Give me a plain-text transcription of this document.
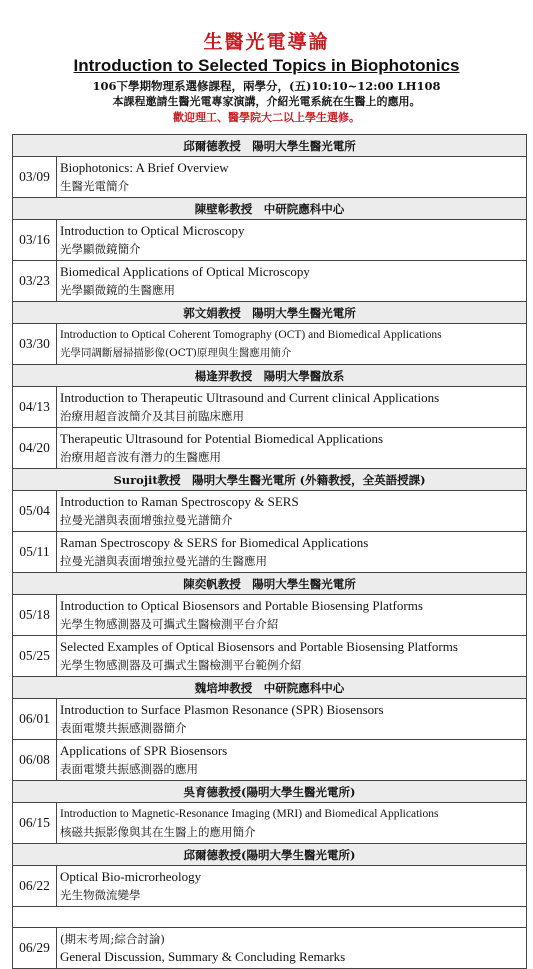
生醫光電導論
Introduction to Selected Topics in Biophotonics
106下學期物理系選修課程，兩學分，(五)10:10~12:00 LH108
本課程邀請生醫光電專家演講，介紹光電系統在生醫上的應用。
歡迎理工、醫學院大二以上學生選修。
邱爾德教授　陽明大學生醫光電所	
03/09	Biophotonics: A Brief Overview
生醫光電簡介

陳壁彰教授　中研院應科中心	
03/16	Introduction to Optical Microscopy
光學顯微鏡簡介

03/23	Biomedical Applications of Optical Microscopy
光學顯微鏡的生醫應用

郭文娟教授　陽明大學生醫光電所	
03/30	Introduction to Optical Coherent Tomography (OCT) and Biomedical Applications
光學同調斷層掃描影像(OCT)原理與生醫應用簡介

楊逢羿教授　陽明大學醫放系	
04/13	Introduction to Therapeutic Ultrasound and Current clinical Applications
治療用超音波簡介及其目前臨床應用

04/20	Therapeutic Ultrasound for Potential Biomedical Applications
治療用超音波有潛力的生醫應用

Surojit教授　陽明大學生醫光電所 (外籍教授，全英語授課)	
05/04	Introduction to Raman Spectroscopy & SERS
拉曼光譜與表面增強拉曼光譜簡介

05/11	Raman Spectroscopy & SERS for Biomedical Applications
拉曼光譜與表面增強拉曼光譜的生醫應用

陳奕帆教授　陽明大學生醫光電所	
05/18	Introduction to Optical Biosensors and Portable Biosensing Platforms
光學生物感測器及可攜式生醫檢測平台介紹

05/25	Selected Examples of Optical Biosensors and Portable Biosensing Platforms
光學生物感測器及可攜式生醫檢測平台範例介紹

魏培坤教授　中研院應科中心	
06/01	Introduction to Surface Plasmon Resonance (SPR) Biosensors
表面電漿共振感測器簡介

06/08	Applications of SPR Biosensors
表面電漿共振感測器的應用

吳育德教授(陽明大學生醫光電所)	
06/15	Introduction to Magnetic-Resonance Imaging (MRI) and Biomedical Applications
核磁共振影像與其在生醫上的應用簡介

邱爾德教授(陽明大學生醫光電所)	
06/22	Optical Bio-microrheology
光生物微流變學

06/29	(期末考周;綜合討論)
General Discussion, Summary & Concluding Remarks
